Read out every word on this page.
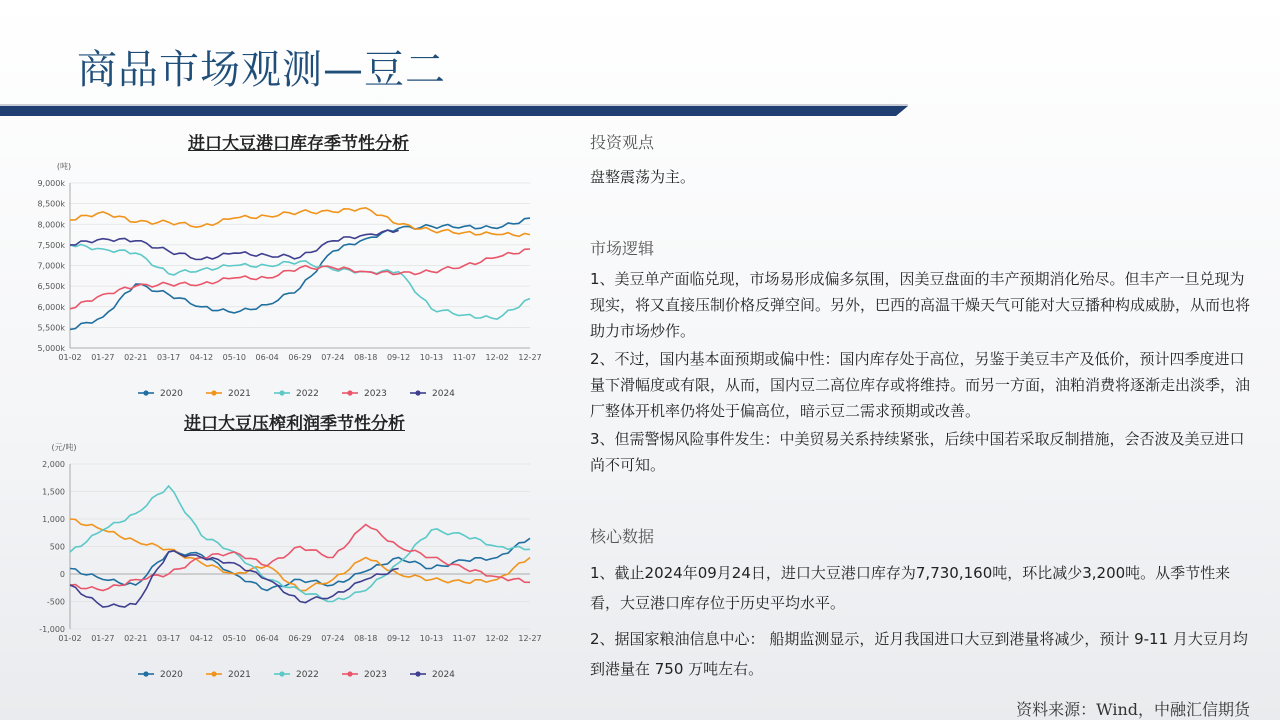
商品市场观测—豆二
进口大豆港口库存季节性分析
(吨)
5,000k
5,500k
6,000k
6,500k
7,000k
7,500k
8,000k
8,500k
9,000k
01-02 01-27 02-21 03-17 04-12 05-10 06-04 06-29 07-24 08-18 09-12 10-13 11-07 12-02 12-27
2020	2021	2022	2023	2024
进口大豆压榨利润季节性分析
(元/吨)
-1,000
-500
0
500
1,000
1,500
2,000
01-02 01-27 02-21 03-17 04-12 05-10 06-04 06-29 07-24 08-18 09-12 10-13 11-07 12-02 12-27
2020	2021	2022	2023	2024
投资观点

盘整震荡为主。

市场逻辑

1、美豆单产面临兑现，市场易形成偏多氛围，因美豆盘面的丰产预期消化殆尽。但丰产一旦兑现为现实，将又直接压制价格反弹空间。另外，巴西的高温干燥天气可能对大豆播种构成威胁，从而也将助力市场炒作。

2、不过，国内基本面预期或偏中性：国内库存处于高位，另鉴于美豆丰产及低价，预计四季度进口量下滑幅度或有限，从而，国内豆二高位库存或将维持。而另一方面，油粕消费将逐渐走出淡季，油厂整体开机率仍将处于偏高位，暗示豆二需求预期或改善。

3、但需警惕风险事件发生：中美贸易关系持续紧张，后续中国若采取反制措施，会否波及美豆进口尚不可知。

核心数据

1、截止2024年09月24日，进口大豆港口库存为7,730,160吨，环比减少3,200吨。从季节性来看，大豆港口库存位于历史平均水平。

2、据国家粮油信息中心： 船期监测显示，近月我国进口大豆到港量将减少，预计 9-11 月大豆月均到港量在 750 万吨左右。

资料来源：Wind，中融汇信期货
